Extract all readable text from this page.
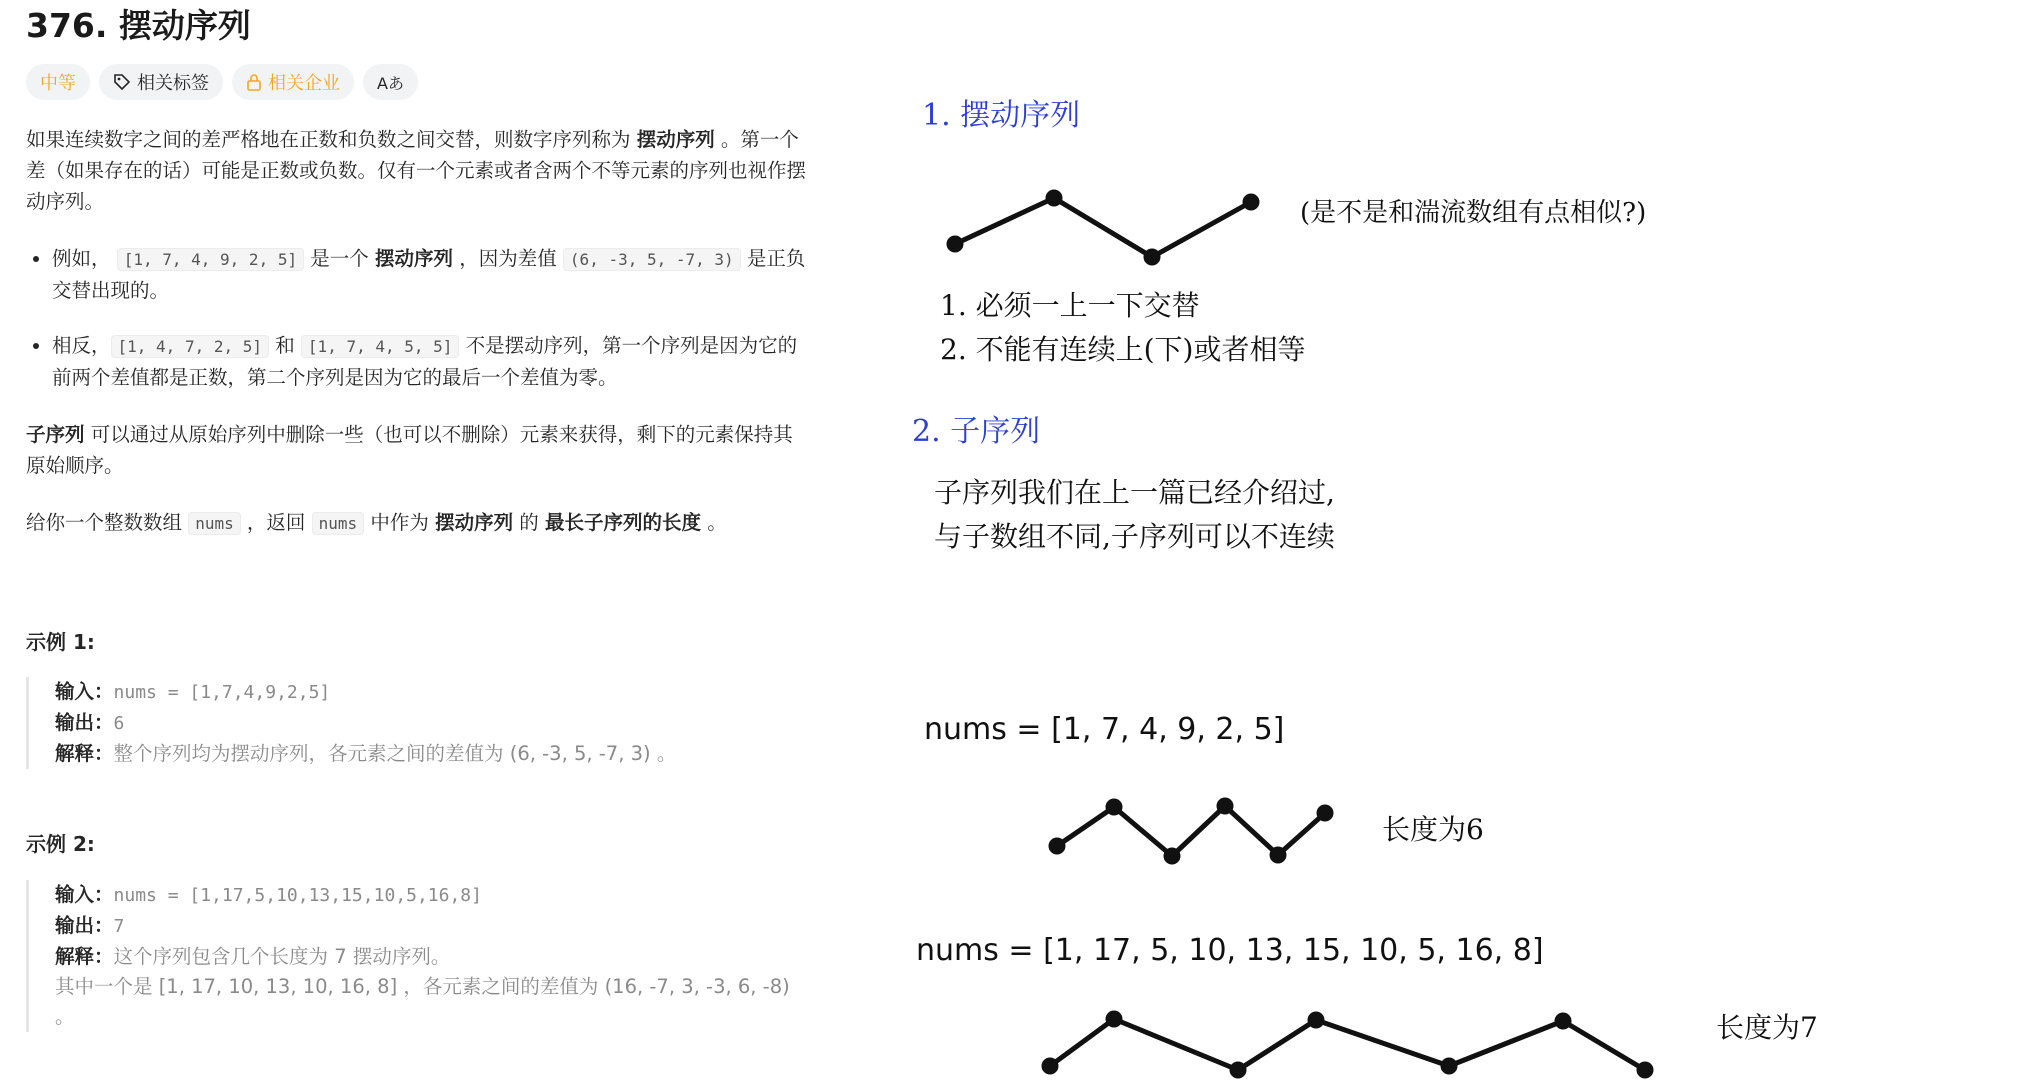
376. 摆动序列
中等	相关标签	相关企业 Aあ

如果连续数字之间的差严格地在正数和负数之间交替，则数字序列称为 摆动序列 。第一个差（如果存在的话）可能是正数或负数。仅有一个元素或者含两个不等元素的序列也视作摆动序列。

• 例如， [1, 7, 4, 9, 2, 5] 是一个 摆动序列 ，因为差值 (6, -3, 5, -7, 3) 是正负交替出现的。
• 相反， [1, 4, 7, 2, 5] 和 [1, 7, 4, 5, 5] 不是摆动序列，第一个序列是因为它的前两个差值都是正数，第二个序列是因为它的最后一个差值为零。

子序列 可以通过从原始序列中删除一些（也可以不删除）元素来获得，剩下的元素保持其原始顺序。

给你一个整数数组 nums ，返回 nums 中作为 摆动序列 的 最长子序列的长度 。

示例 1:
输入：nums = [1,7,4,9,2,5]
输出：6
解释：整个序列均为摆动序列，各元素之间的差值为 (6, -3, 5, -7, 3) 。
示例 2:
输入：nums = [1,17,5,10,13,15,10,5,16,8]
输出：7
解释：这个序列包含几个长度为 7 摆动序列。
其中一个是 [1, 17, 10, 13, 10, 16, 8] ，各元素之间的差值为 (16, -7, 3, -3, 6, -8) 。
1. 摆动序列
(是不是和湍流数组有点相似?)
1. 必须一上一下交替
2. 不能有连续上(下)或者相等
2. 子序列
子序列我们在上一篇已经介绍过,
与子数组不同,子序列可以不连续
nums = [1, 7, 4, 9, 2, 5]
长度为6
nums = [1, 17, 5, 10, 13, 15, 10, 5, 16, 8]
长度为7
